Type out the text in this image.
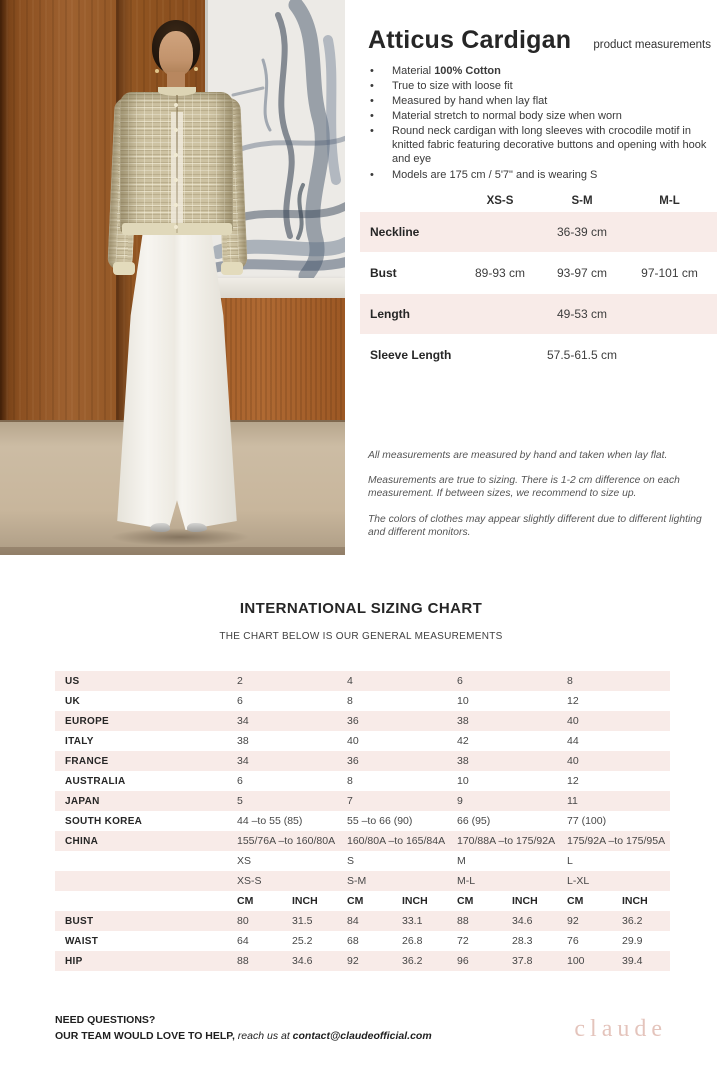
Atticus Cardigan product measurements
• Material 100% Cotton
• True to size with loose fit
• Measured by hand when lay flat
• Material stretch to normal body size when worn
• Round neck cardigan with long sleeves with crocodile motif in knitted fabric featuring decorative buttons and opening with hook and eye
• Models are 175 cm / 5'7" and is wearing S
XS-S	S-M	M-L
Neckline	36-39 cm
Bust	89-93 cm	93-97 cm	97-101 cm
Length	49-53 cm
Sleeve Length	57.5-61.5 cm

All measurements are measured by hand and taken when lay flat.

Measurements are true to sizing. There is 1-2 cm difference on each measurement. If between sizes, we recommend to size up.

The colors of clothes may appear slightly different due to different lighting and different monitors.

INTERNATIONAL SIZING CHART

THE CHART BELOW IS OUR GENERAL MEASUREMENTS

US	2		4		6		8	
UK	6		8		10		12	
EUROPE	34		36		38		40	
ITALY	38		40		42		44	
FRANCE	34		36		38		40	
AUSTRALIA	6		8		10		12	
JAPAN	5		7		9		11	
SOUTH KOREA	44 –to 55 (85)		55 –to 66 (90)		66 (95)		77 (100)	
CHINA	155/76A –to 160/80A		160/80A –to 165/84A		170/88A –to 175/92A		175/92A –to 175/95A	
	XS		S		M		L	
	XS-S		S-M		M-L		L-XL	
	CM	INCH	CM	INCH	CM	INCH	CM	INCH
BUST	80	31.5	84	33.1	88	34.6	92	36.2
WAIST	64	25.2	68	26.8	72	28.3	76	29.9
HIP	88	34.6	92	36.2	96	37.8	100	39.4

NEED QUESTIONS?

OUR TEAM WOULD LOVE TO HELP, reach us at contact@claudeofficial.com	claude
